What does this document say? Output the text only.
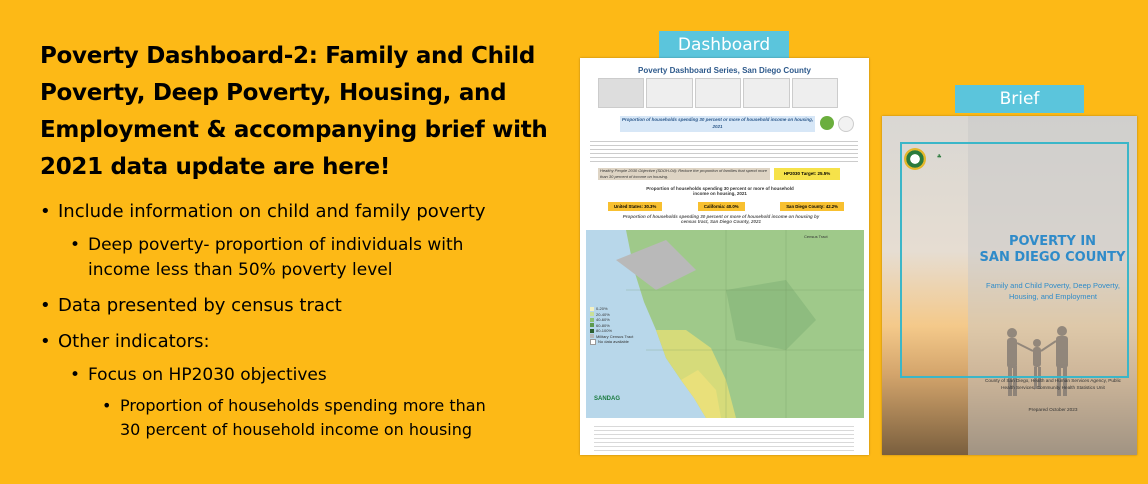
Poverty Dashboard-2: Family and Child Poverty, Deep Poverty, Housing, and Employment & accompanying brief with 2021 data update are here!
• Include information on child and family poverty
• Deep poverty- proportion of individuals with
income less than 50% poverty level
• Data presented by census tract
• Other indicators:
• Focus on HP2030 objectives
• Proportion of households spending more than
30 percent of household income on housing
Dashboard
Brief
Poverty Dashboard Series, San Diego County
Proportion of households spending 30 percent or more of household income on housing, 2021
Healthy People 2030 Objective (SDOH-04): Reduce the proportion of families that spend more than 30 percent of income on housing.
HP2030 Target: 25.5%
Proportion of households spending 30 percent or more of household income on housing, 2021
United States: 30.3%	California: 40.0%	San Diego County: 42.2%
Proportion of households spending 30 percent or more of household income on housing by census tract, San Diego County, 2021
Census Tract
0-20%
20-40%
40-60%
60-80%
80-100%
Military Census Tract
No data available
SANDAG
☘
POVERTY IN
SAN DIEGO COUNTY
Family and Child Poverty, Deep Poverty, Housing, and Employment
County of San Diego, Health and Human Services Agency, Public Health Services, Community Health Statistics Unit
Prepared October 2023
